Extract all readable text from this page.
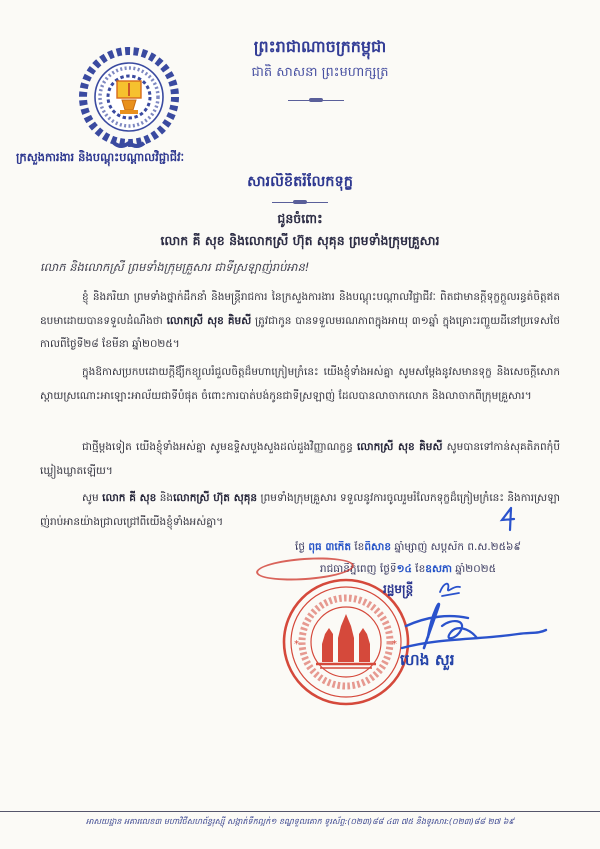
ព្រះរាជាណាចក្រកម្ពុជា
ជាតិ សាសនា ព្រះមហាក្សត្រ
ក្រសួងការងារ និងបណ្តុះបណ្តាលវិជ្ជាជីវៈ
សារលិខិតរំលែកទុក្ខ
ជូនចំពោះ
លោក គី សុខ និងលោកស្រី ហ៊ុត សុគុន ព្រមទាំងក្រុមគ្រួសារ
លោក និងលោកស្រី ព្រមទាំងក្រុមគ្រួសារ ជាទីស្រឡាញ់រាប់អាន!

ខ្ញុំ និងភរិយា ព្រមទាំងថ្នាក់ដឹកនាំ និងមន្ត្រីរាជការ នៃក្រសួងការងារ និងបណ្តុះបណ្តាលវិជ្ជាជីវៈ ពិតជាមានក្តីទុក្ខក្តួលរន្ធត់ចិត្តឥតឧបមាដោយបានទទួលដំណឹងថា លោកស្រី សុខ គិមសី ត្រូវជាកូន បានទទួលមរណភាពក្នុងអាយុ ៣១ឆ្នាំ ក្នុងគ្រោះរញ្ជួយដីនៅប្រទេសថៃ កាលពីថ្ងៃទី២៨ ខែមីនា ឆ្នាំ២០២៥។

ក្នុងឱកាសប្រកបដោយក្តីឱ្យីកខ្យួលរំជួលចិត្តដ៏មហាក្រៀមក្រំនេះ យើងខ្ញុំទាំងអស់គ្នា សូមសម្តែងនូវសមានទុក្ខ និងសេចក្តីសោកស្តាយស្រណោះអាឡោះអាល័យជាទីបំផុត ចំពោះការបាត់បង់កូនជាទីស្រឡាញ់ ដែលបានលាចាកលោក និងលាចាកពីក្រុមគ្រួសារ។

ជាថ្មីម្តងទៀត យើងខ្ញុំទាំងអស់គ្នា សូមឧទ្ទិសបួងសួងដល់ដួងវិញ្ញាណក្ខន្ធ លោកស្រី សុខ គិមសី សូមបានទៅកាន់សុគតិភពកុំបីឃ្លៀងឃ្លាតឡើយ។

សូម លោក គី សុខ និងលោកស្រី ហ៊ុត សុគុន ព្រមទាំងក្រុមគ្រួសារ ទទួលនូវការចូលរួមរំលែកទុក្ខដ៏ក្រៀមក្រំនេះ និងការស្រឡាញ់រាប់អានយ៉ាងជ្រាលជ្រៅពីយើងខ្ញុំទាំងអស់គ្នា។

ថ្ងៃ ពុធ ៣កើត ខែពិសាខ ឆ្នាំម្សាញ់ សប្តស័ក ព.ស.២៥៦៩
រាជធានីភ្នំពេញ ថ្ងៃទី១៤ ខែឧសភា ឆ្នាំ២០២៥
រដ្ឋមន្ត្រី
*	*
ហេង សួរ
អាសយដ្ឋាន អគារលេខ៣ មហាវិថីសហព័ន្ធរុស្ស៊ី សង្កាត់ទឹកល្អក់១ ខណ្ឌទួលគោក ទូរស័ព្ទ:(០២៣)៨៨ ៤៣ ៧៥ និងទូរសារ:(០២៣)៨៨ ២៧ ៦៩
